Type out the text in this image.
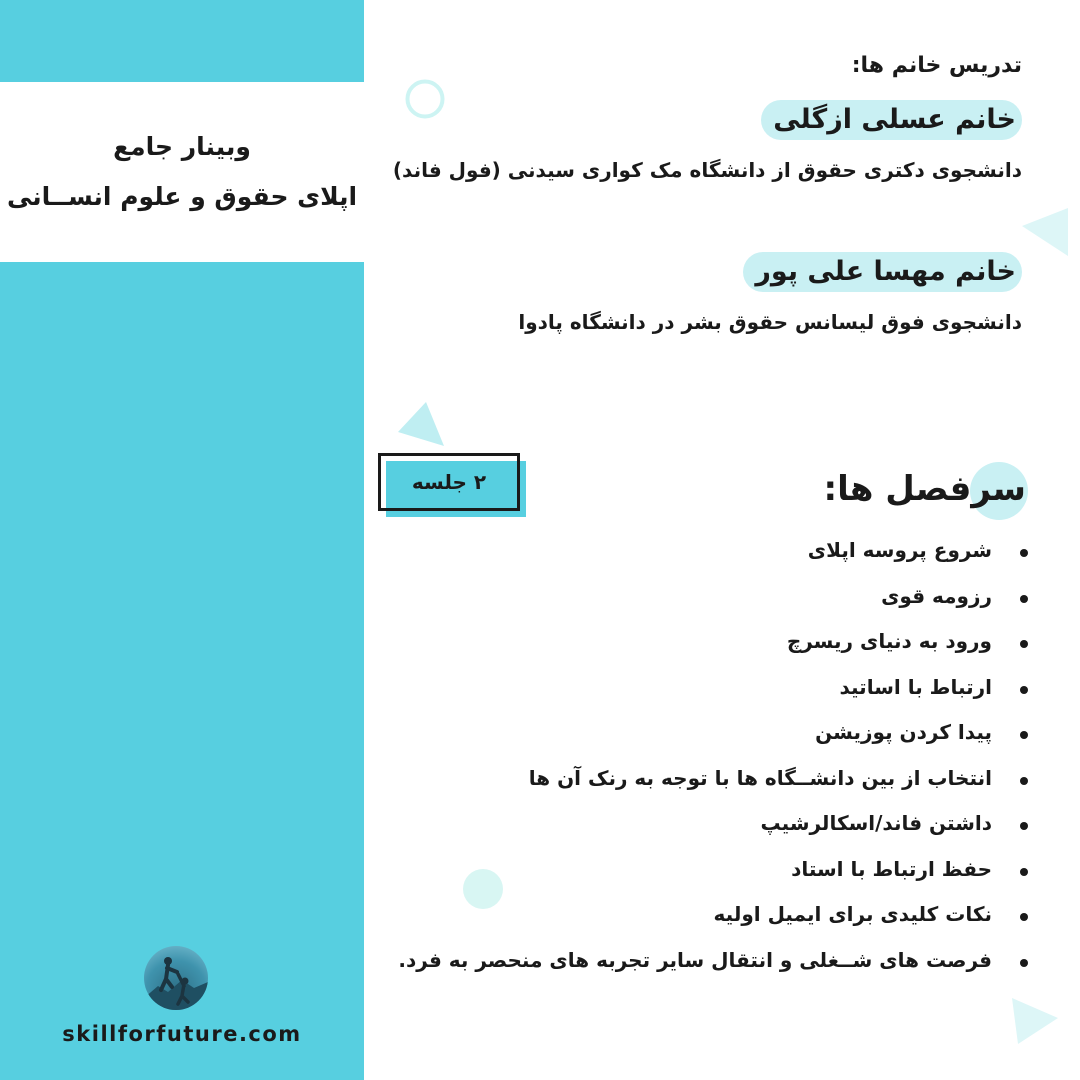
وبینار جامع
اپلای حقوق و علوم انســانی
skillforfuture.com
تدریس خانم ها:
خانم عسلی ازگلی
دانشجوی دکتری حقوق از دانشگاه مک کواری سیدنی (فول فاند)
خانم مهسا علی پور
دانشجوی فوق لیسانس حقوق بشر در دانشگاه پادوا
۲ جلسه	سرفصل ها:
شروع پروسه اپلای
رزومه قوی
ورود به دنیای ریسرچ
ارتباط با اساتید
پیدا کردن پوزیشن
انتخاب از بین دانشــگاه ها با توجه به رنک آن ها
داشتن فاند/اسکالرشیپ
حفظ ارتباط با استاد
نکات کلیدی برای ایمیل اولیه
فرصت های شــغلی و انتقال سایر تجربه های منحصر به فرد.
